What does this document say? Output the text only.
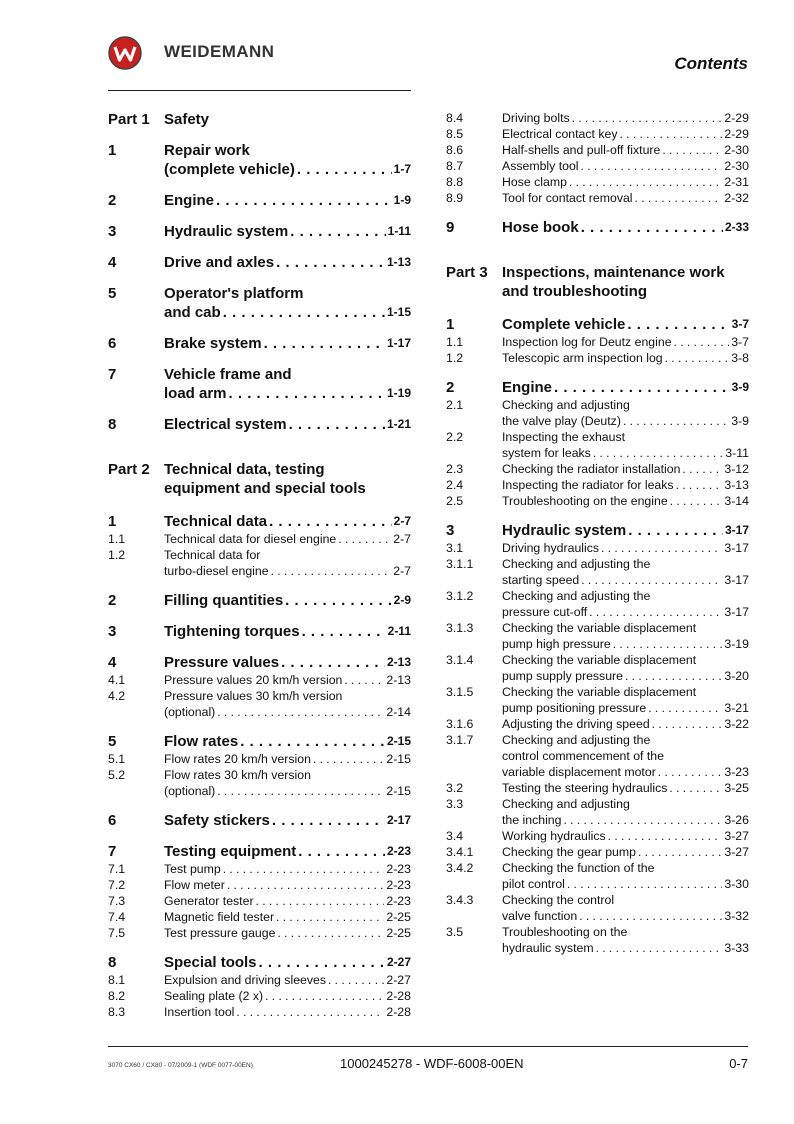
WEIDEMANN
Contents
Part 1 Safety
1	Repair work
(complete vehicle) . . .	1-7
2	Engine . . .	1-9
3	Hydraulic system . . .	1-11
4	Drive and axles . . .	1-13
5	Operator's platform
and cab . . .	1-15
6	Brake system . . .	1-17
7	Vehicle frame and
load arm . . .	1-19
8	Electrical system . . .	1-21
Part 2 Technical data, testing
equipment and special tools
1	Technical data . . .	2-7
1.1	Technical data for diesel engine . . .	2-7
1.2	Technical data for
turbo-diesel engine . . .	2-7
2	Filling quantities . . .	2-9
3	Tightening torques . . .	2-11
4	Pressure values . . .	2-13
4.1	Pressure values 20 km/h version . . .	2-13
4.2	Pressure values 30 km/h version
(optional) . . .	2-14
5	Flow rates . . .	2-15
5.1	Flow rates 20 km/h version . . .	2-15
5.2	Flow rates 30 km/h version
(optional) . . .	2-15
6	Safety stickers . . .	2-17
7	Testing equipment . . .	2-23
7.1	Test pump . . .	2-23
7.2	Flow meter . . .	2-23
7.3	Generator tester . . .	2-23
7.4	Magnetic field tester . . .	2-25
7.5	Test pressure gauge . . .	2-25
8	Special tools . . .	2-27
8.1	Expulsion and driving sleeves . . .	2-27
8.2	Sealing plate (2 x) . . .	2-28
8.3	Insertion tool . . .	2-28
8.4	Driving bolts . . .	2-29
8.5	Electrical contact key . . .	2-29
8.6	Half-shells and pull-off fixture . . .	2-30
8.7	Assembly tool . . .	2-30
8.8	Hose clamp . . .	2-31
8.9	Tool for contact removal . . .	2-32
9	Hose book . . .	2-33
Part 3 Inspections, maintenance work
and troubleshooting
1	Complete vehicle . . .	3-7
1.1	Inspection log for Deutz engine . . .	3-7
1.2	Telescopic arm inspection log . . .	3-8
2	Engine . . .	3-9
2.1	Checking and adjusting
the valve play (Deutz) . . .	3-9
2.2	Inspecting the exhaust
system for leaks . . .	3-11
2.3	Checking the radiator installation . . .	3-12
2.4	Inspecting the radiator for leaks . . .	3-13
2.5	Troubleshooting on the engine . . .	3-14
3	Hydraulic system . . .	3-17
3.1	Driving hydraulics . . .	3-17
3.1.1	Checking and adjusting the
starting speed . . .	3-17
3.1.2	Checking and adjusting the
pressure cut-off . . .	3-17
3.1.3	Checking the variable displacement
pump high pressure . . .	3-19
3.1.4	Checking the variable displacement
pump supply pressure . . .	3-20
3.1.5	Checking the variable displacement
pump positioning pressure . . .	3-21
3.1.6	Adjusting the driving speed . . .	3-22
3.1.7	Checking and adjusting the
control commencement of the
variable displacement motor . . .	3-23
3.2	Testing the steering hydraulics . . .	3-25
3.3	Checking and adjusting
the inching . . .	3-26
3.4	Working hydraulics . . .	3-27
3.4.1	Checking the gear pump . . .	3-27
3.4.2	Checking the function of the
pilot control . . .	3-30
3.4.3	Checking the control
valve function . . .	3-32
3.5	Troubleshooting on the
hydraulic system . . .	3-33
3070 CX60 / CX80 - 07/2009-1 (WDF 0077-00EN)	1000245278 - WDF-6008-00EN	0-7
